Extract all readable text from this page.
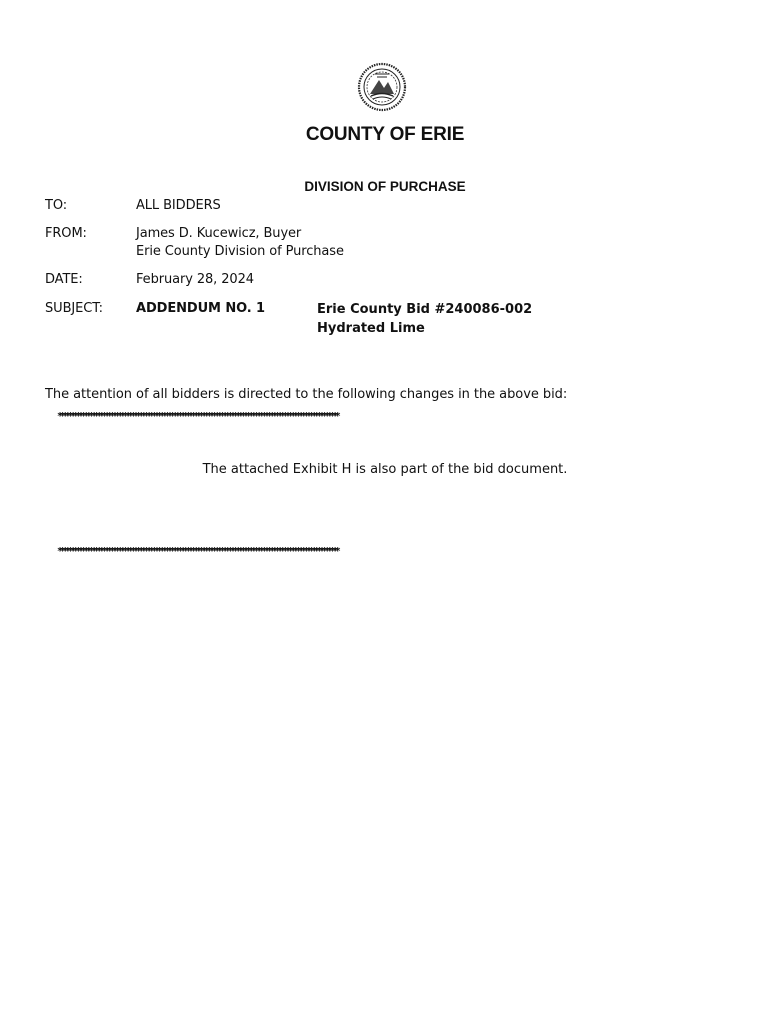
COUNTY OF ERIE
DIVISION OF PURCHASE
TO:	ALL BIDDERS
FROM:	James D. Kucewicz, Buyer
Erie County Division of Purchase
DATE:	February 28, 2024
SUBJECT:	ADDENDUM NO. 1	Erie County Bid #240086-002
Hydrated Lime
The attention of all bidders is directed to the following changes in the above bid:
***********************************************************************************************************
The attached Exhibit H is also part of the bid document.
***********************************************************************************************************
